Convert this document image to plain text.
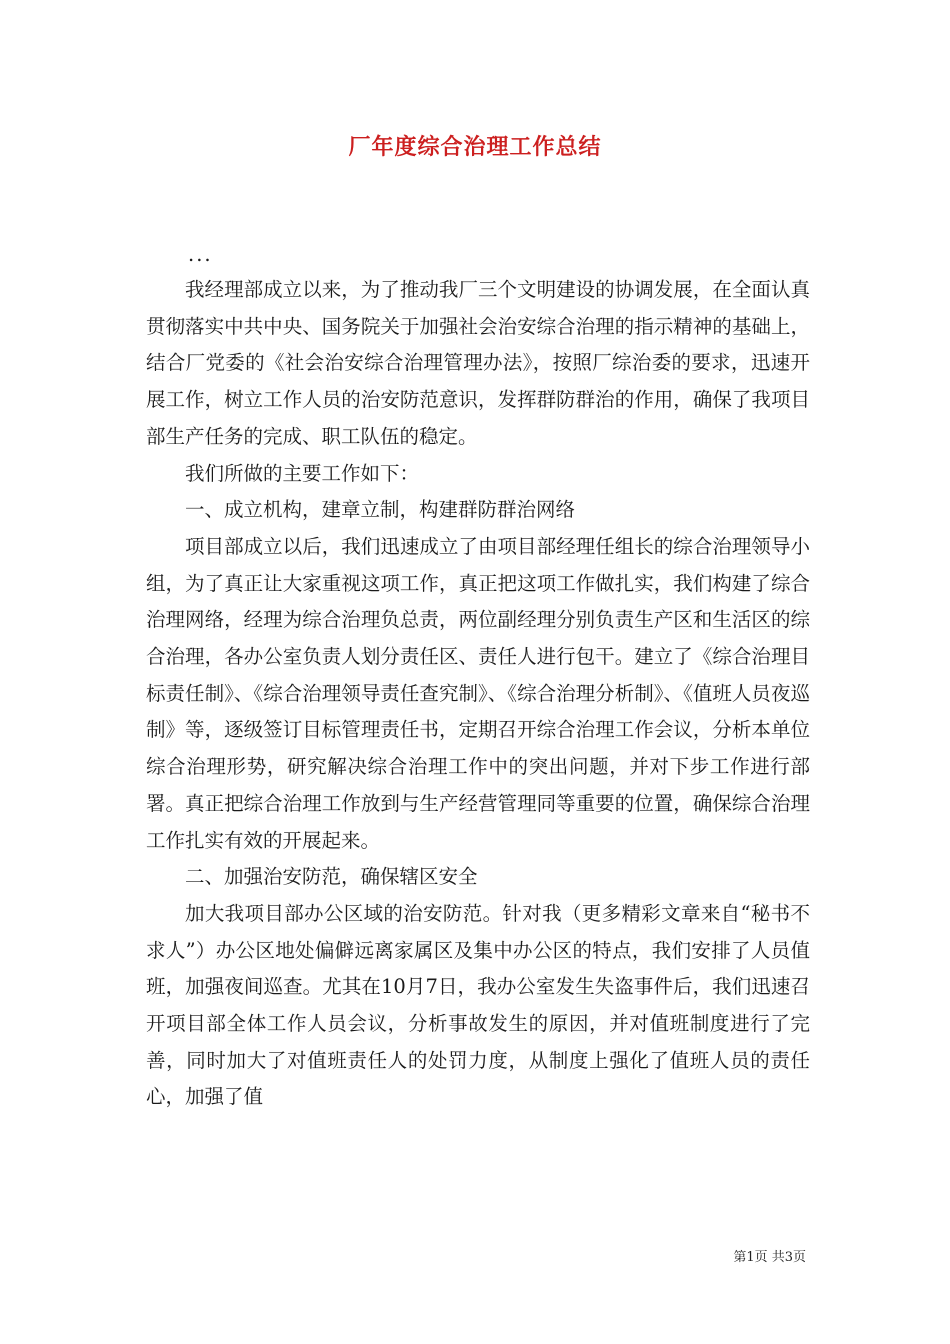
厂年度综合治理工作总结
...

我经理部成立以来，为了推动我厂三个文明建设的协调发展，在全面认真贯彻落实中共中央、国务院关于加强社会治安综合治理的指示精神的基础上，结合厂党委的《社会治安综合治理管理办法》，按照厂综治委的要求，迅速开展工作，树立工作人员的治安防范意识，发挥群防群治的作用，确保了我项目部生产任务的完成、职工队伍的稳定。

我们所做的主要工作如下：

一、成立机构，建章立制，构建群防群治网络

项目部成立以后，我们迅速成立了由项目部经理任组长的综合治理领导小组，为了真正让大家重视这项工作，真正把这项工作做扎实，我们构建了综合治理网络，经理为综合治理负总责，两位副经理分别负责生产区和生活区的综合治理，各办公室负责人划分责任区、责任人进行包干。建立了《综合治理目标责任制》、《综合治理领导责任查究制》、《综合治理分析制》、《值班人员夜巡制》等，逐级签订目标管理责任书，定期召开综合治理工作会议，分析本单位综合治理形势，研究解决综合治理工作中的突出问题，并对下步工作进行部署。真正把综合治理工作放到与生产经营管理同等重要的位置，确保综合治理工作扎实有效的开展起来。

二、加强治安防范，确保辖区安全

加大我项目部办公区域的治安防范。针对我（更多精彩文章来自“秘书不求人”）办公区地处偏僻远离家属区及集中办公区的特点，我们安排了人员值班，加强夜间巡查。尤其在10月7日，我办公室发生失盗事件后，我们迅速召开项目部全体工作人员会议，分析事故发生的原因，并对值班制度进行了完善，同时加大了对值班责任人的处罚力度，从制度上强化了值班人员的责任心，加强了值

第1页 共3页
